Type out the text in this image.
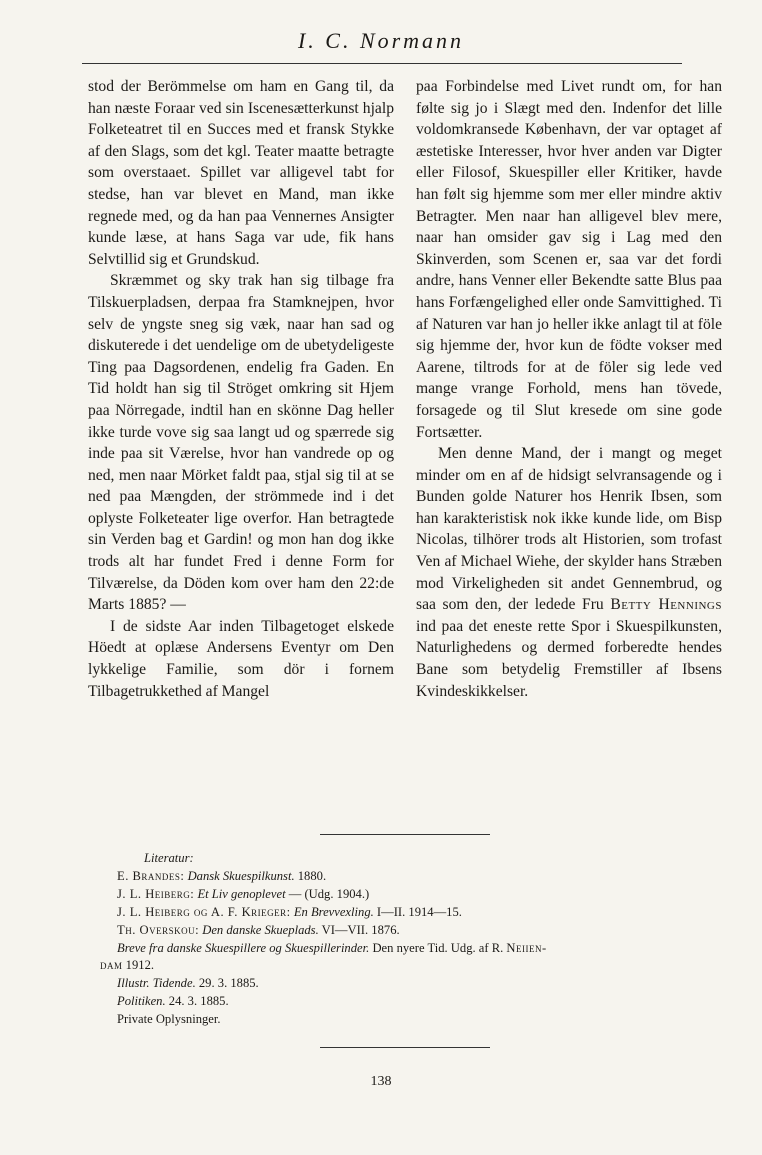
I. C. Normann

stod der Berömmelse om ham en Gang til, da han næste Foraar ved sin Iscenesætterkunst hjalp Folketeatret til en Succes med et fransk Stykke af den Slags, som det kgl. Teater maatte betragte som overstaaet. Spillet var alligevel tabt for stedse, han var blevet en Mand, man ikke regnede med, og da han paa Vennernes Ansigter kunde læse, at hans Saga var ude, fik hans Selvtillid sig et Grundskud.

Skræmmet og sky trak han sig tilbage fra Tilskuerpladsen, derpaa fra Stamknejpen, hvor selv de yngste sneg sig væk, naar han sad og diskuterede i det uendelige om de ubetydeligeste Ting paa Dagsordenen, endelig fra Gaden. En Tid holdt han sig til Ströget omkring sit Hjem paa Nörregade, indtil han en skönne Dag heller ikke turde vove sig saa langt ud og spærrede sig inde paa sit Værelse, hvor han vandrede op og ned, men naar Mörket faldt paa, stjal sig til at se ned paa Mængden, der strömmede ind i det oplyste Folketeater lige overfor. Han betragtede sin Verden bag et Gardin! og mon han dog ikke trods alt har fundet Fred i denne Form for Tilværelse, da Döden kom over ham den 22:de Marts 1885? —

I de sidste Aar inden Tilbagetoget elskede Höedt at oplæse Andersens Eventyr om Den lykkelige Familie, som dör i fornem Tilbagetrukkethed af Mangel

paa Forbindelse med Livet rundt om, for han følte sig jo i Slægt med den. Indenfor det lille voldomkransede København, der var optaget af æstetiske Interesser, hvor hver anden var Digter eller Filosof, Skuespiller eller Kritiker, havde han følt sig hjemme som mer eller mindre aktiv Betragter. Men naar han alligevel blev mere, naar han omsider gav sig i Lag med den Skinverden, som Scenen er, saa var det fordi andre, hans Venner eller Bekendte satte Blus paa hans Forfængelighed eller onde Samvittighed. Ti af Naturen var han jo heller ikke anlagt til at föle sig hjemme der, hvor kun de födte vokser med Aarene, tiltrods for at de föler sig lede ved mange vrange Forhold, mens han tövede, forsagede og til Slut kresede om sine gode Fortsætter.

Men denne Mand, der i mangt og meget minder om en af de hidsigt selvransagende og i Bunden golde Naturer hos Henrik Ibsen, som han karakteristisk nok ikke kunde lide, om Bisp Nicolas, tilhörer trods alt Historien, som trofast Ven af Michael Wiehe, der skylder hans Stræben mod Virkeligheden sit andet Gennembrud, og saa som den, der ledede Fru Betty Hennings ind paa det eneste rette Spor i Skuespilkunsten, Naturlighedens og dermed forberedte hendes Bane som betydelig Fremstiller af Ibsens Kvindeskikkelser.

Literatur:
E. Brandes: Dansk Skuespilkunst. 1880.
J. L. Heiberg: Et Liv genoplevet — (Udg. 1904.)
J. L. Heiberg og A. F. Krieger: En Brevvexling. I—II. 1914—15.
Th. Overskou: Den danske Skueplads. VI—VII. 1876.
Breve fra danske Skuespillere og Skuespillerinder. Den nyere Tid. Udg. af R. Neiien-
dam 1912.
Illustr. Tidende. 29. 3. 1885.
Politiken. 24. 3. 1885.
Private Oplysninger.
138
